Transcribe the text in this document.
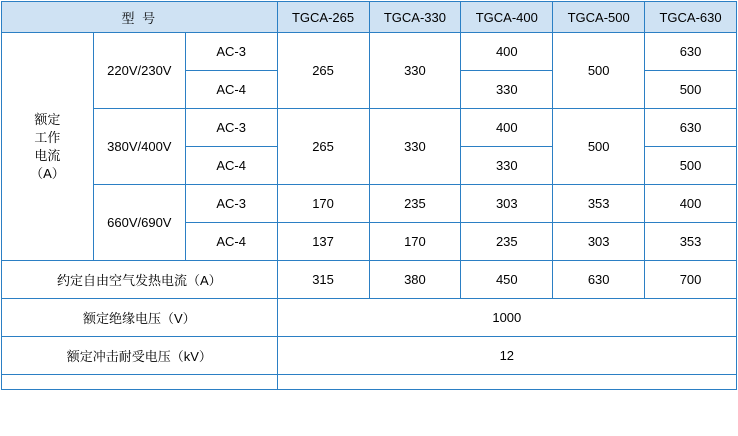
型 号			TGCA-265	TGCA-330	TGCA-400	TGCA-500	TGCA-630

额定
工作
电流
（A）	220V/230V	AC-3	265	330	400	500	630
		AC-4			330		500
	380V/400V	AC-3	265	330	400	500	630
		AC-4			330		500
	660V/690V	AC-3	170	235	303	353	400
		AC-4	137	170	235	303	353
约定自由空气发热电流（A）			315	380	450	630	700
额定绝缘电压（V）			1000				
额定冲击耐受电压（kV）			12				
